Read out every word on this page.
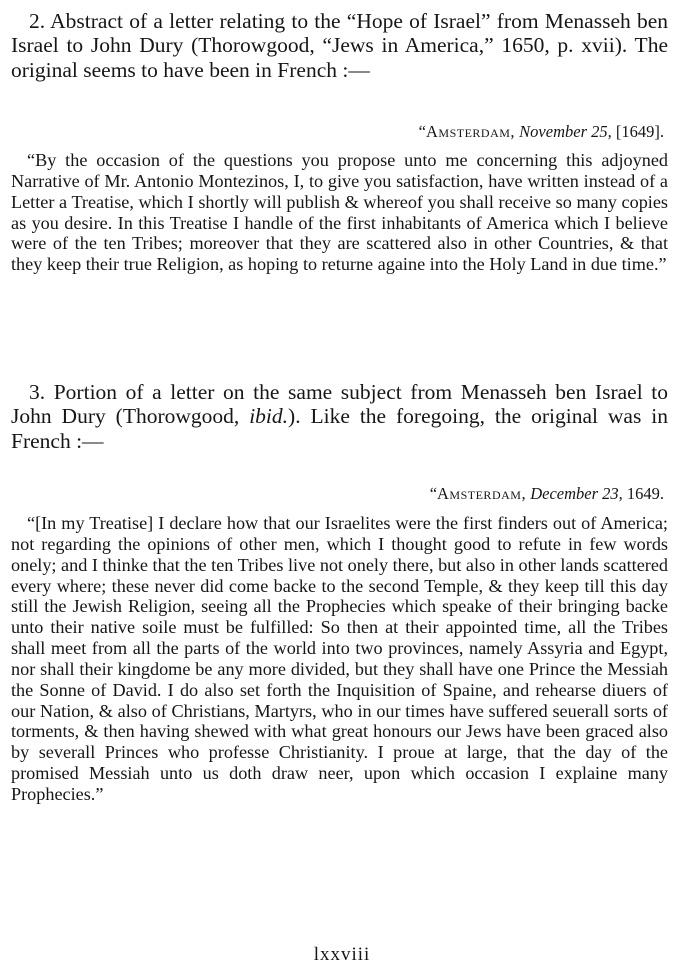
2. Abstract of a letter relating to the “Hope of Israel” from Menasseh ben Israel to John Dury (Thorowgood, “Jews in America,” 1650, p. xvii). The original seems to have been in French :—

“Amsterdam, November 25, [1649].

“By the occasion of the questions you propose unto me concerning this adjoyned Narrative of Mr. Antonio Montezinos, I, to give you satisfaction, have written instead of a Letter a Treatise, which I shortly will publish & whereof you shall receive so many copies as you desire. In this Treatise I handle of the first inhabitants of America which I believe were of the ten Tribes; moreover that they are scattered also in other Countries, & that they keep their true Religion, as hoping to returne againe into the Holy Land in due time.”

3. Portion of a letter on the same subject from Menasseh ben Israel to John Dury (Thorowgood, ibid.). Like the foregoing, the original was in French :—

“Amsterdam, December 23, 1649.

“[In my Treatise] I declare how that our Israelites were the first finders out of America; not regarding the opinions of other men, which I thought good to refute in few words onely; and I thinke that the ten Tribes live not onely there, but also in other lands scattered every where; these never did come backe to the second Temple, & they keep till this day still the Jewish Religion, seeing all the Prophecies which speake of their bringing backe unto their native soile must be fulfilled: So then at their appointed time, all the Tribes shall meet from all the parts of the world into two provinces, namely Assyria and Egypt, nor shall their kingdome be any more divided, but they shall have one Prince the Messiah the Sonne of David. I do also set forth the Inquisition of Spaine, and rehearse diuers of our Nation, & also of Christians, Martyrs, who in our times have suffered seuerall sorts of torments, & then having shewed with what great honours our Jews have been graced also by severall Princes who professe Christianity. I proue at large, that the day of the promised Messiah unto us doth draw neer, upon which occasion I explaine many Prophecies.”

lxxviii
